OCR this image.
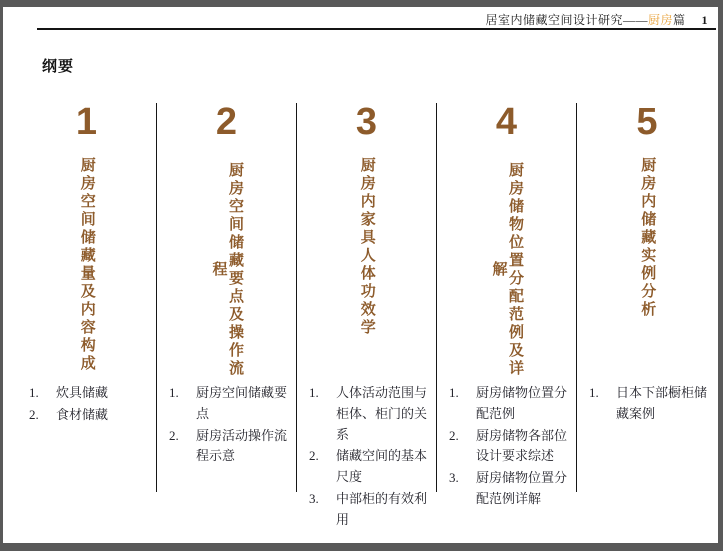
居室内储藏空间设计研究——厨房篇 1
纲要
1
厨房空间储藏量及内容构成
1.	炊具储藏
2.	食材储藏
2
厨房空间储藏要点及操作流程
1.	厨房空间储藏要点
2.	厨房活动操作流程示意
3
厨房内家具人体功效学
1.	人体活动范围与柜体、柜门的关系
2.	储藏空间的基本尺度
3.	中部柜的有效利用
4
厨房储物位置分配范例及详解
1.	厨房储物位置分配范例
2.	厨房储物各部位设计要求综述
3.	厨房储物位置分配范例详解
5
厨房内储藏实例分析
1.	日本下部橱柜储藏案例
